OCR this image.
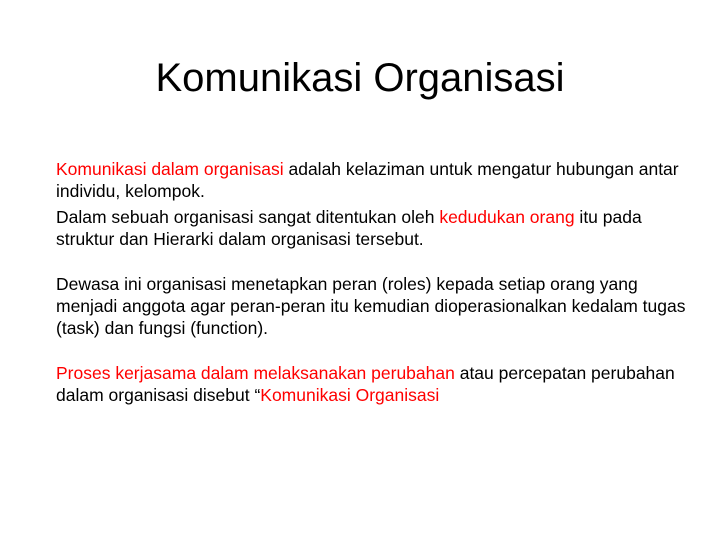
Komunikasi Organisasi

Komunikasi dalam organisasi adalah kelaziman untuk mengatur hubungan antar individu, kelompok.

Dalam sebuah organisasi sangat ditentukan oleh kedudukan orang itu pada struktur dan Hierarki dalam organisasi tersebut.

Dewasa ini organisasi menetapkan peran (roles) kepada setiap orang yang menjadi anggota agar peran-peran itu kemudian dioperasionalkan kedalam tugas (task) dan fungsi (function).

Proses kerjasama dalam melaksanakan perubahan atau percepatan perubahan dalam organisasi disebut “Komunikasi Organisasi
